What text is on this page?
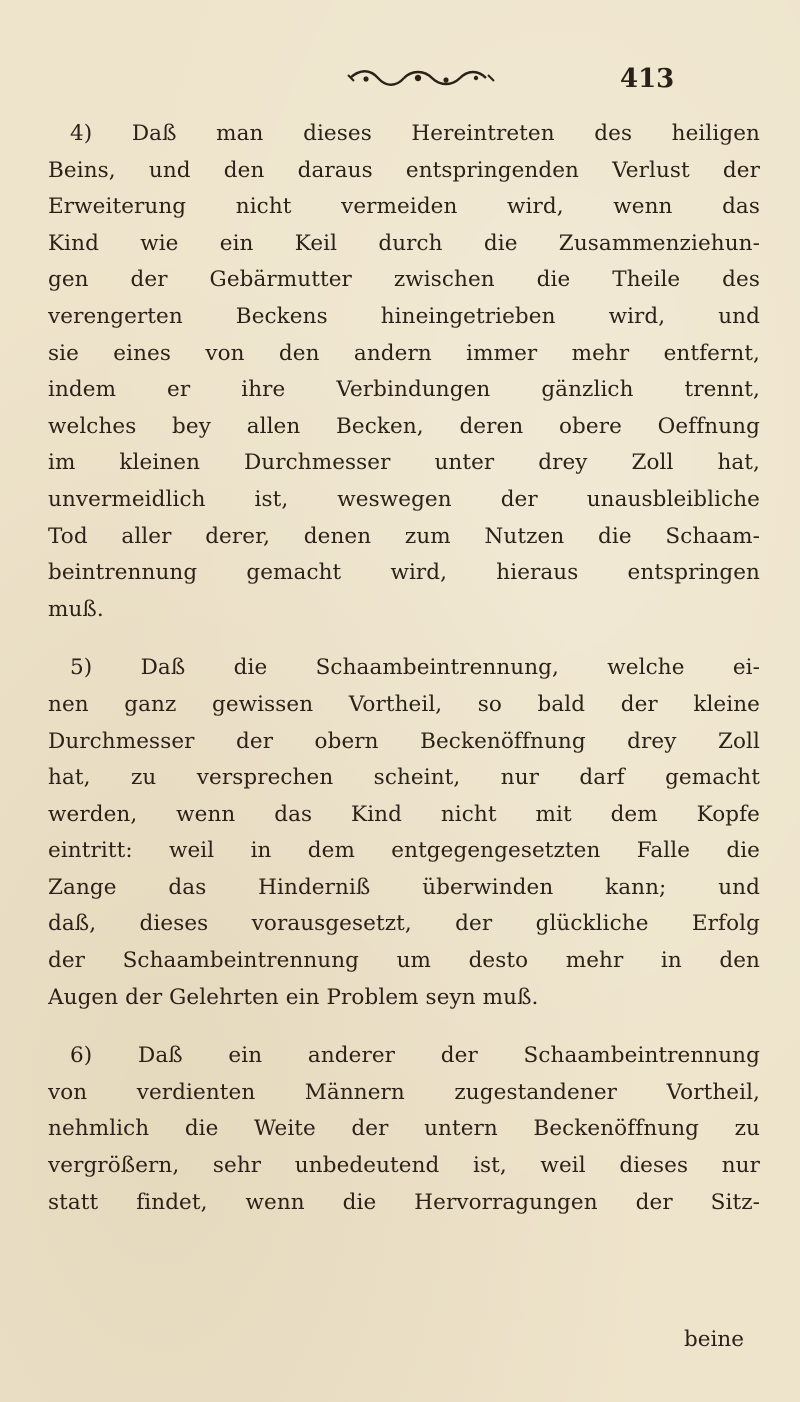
413
4) Daß man dieses Hereintreten des heiligen
Beins, und den daraus entspringenden Verlust der
Erweiterung nicht vermeiden wird, wenn das
Kind wie ein Keil durch die Zusammenziehun-
gen der Gebärmutter zwischen die Theile des
verengerten Beckens hineingetrieben wird, und
sie eines von den andern immer mehr entfernt,
indem er ihre Verbindungen gänzlich trennt,
welches bey allen Becken, deren obere Oeffnung
im kleinen Durchmesser unter drey Zoll hat,
unvermeidlich ist, weswegen der unausbleibliche
Tod aller derer, denen zum Nutzen die Schaam-
beintrennung gemacht wird, hieraus entspringen
muß.
5) Daß die Schaambeintrennung, welche ei-
nen ganz gewissen Vortheil, so bald der kleine
Durchmesser der obern Beckenöffnung drey Zoll
hat, zu versprechen scheint, nur darf gemacht
werden, wenn das Kind nicht mit dem Kopfe
eintritt: weil in dem entgegengesetzten Falle die
Zange das Hinderniß überwinden kann; und
daß, dieses vorausgesetzt, der glückliche Erfolg
der Schaambeintrennung um desto mehr in den
Augen der Gelehrten ein Problem seyn muß.
6) Daß ein anderer der Schaambeintrennung
von verdienten Männern zugestandener Vortheil,
nehmlich die Weite der untern Beckenöffnung zu
vergrößern, sehr unbedeutend ist, weil dieses nur
statt findet, wenn die Hervorragungen der Sitz-
beine
